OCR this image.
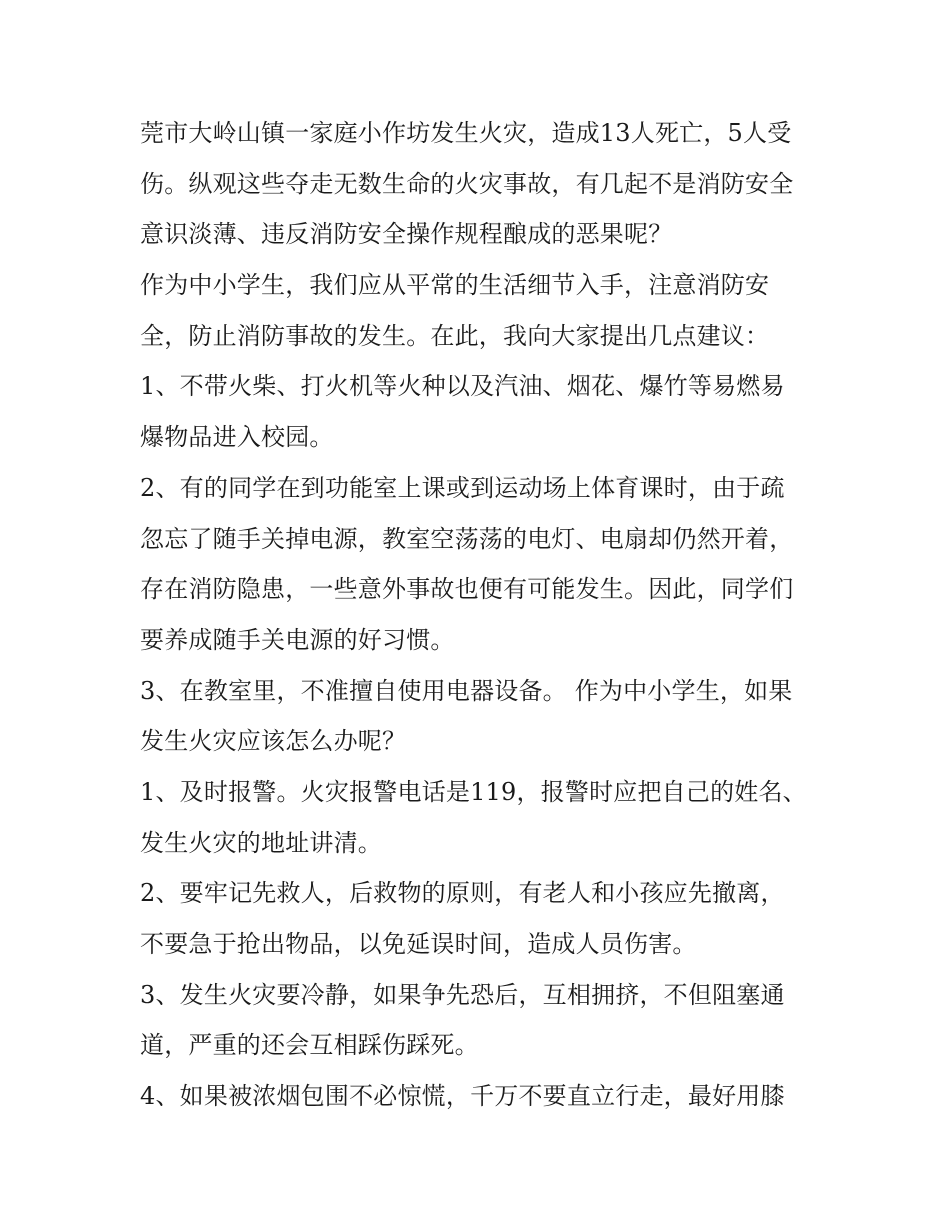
莞市大岭山镇一家庭小作坊发生火灾，造成13人死亡，5人受
伤。纵观这些夺走无数生命的火灾事故，有几起不是消防安全
意识淡薄、违反消防安全操作规程酿成的恶果呢？
作为中小学生，我们应从平常的生活细节入手，注意消防安
全，防止消防事故的发生。在此，我向大家提出几点建议：
1、不带火柴、打火机等火种以及汽油、烟花、爆竹等易燃易
爆物品进入校园。
2、有的同学在到功能室上课或到运动场上体育课时，由于疏
忽忘了随手关掉电源，教室空荡荡的电灯、电扇却仍然开着，
存在消防隐患，一些意外事故也便有可能发生。因此，同学们
要养成随手关电源的好习惯。
3、在教室里，不准擅自使用电器设备。 作为中小学生，如果
发生火灾应该怎么办呢？
1、及时报警。火灾报警电话是119，报警时应把自己的姓名、
发生火灾的地址讲清。
2、要牢记先救人，后救物的原则，有老人和小孩应先撤离，
不要急于抢出物品，以免延误时间，造成人员伤害。
3、发生火灾要冷静，如果争先恐后，互相拥挤，不但阻塞通
道，严重的还会互相踩伤踩死。
4、如果被浓烟包围不必惊慌，千万不要直立行走，最好用膝
